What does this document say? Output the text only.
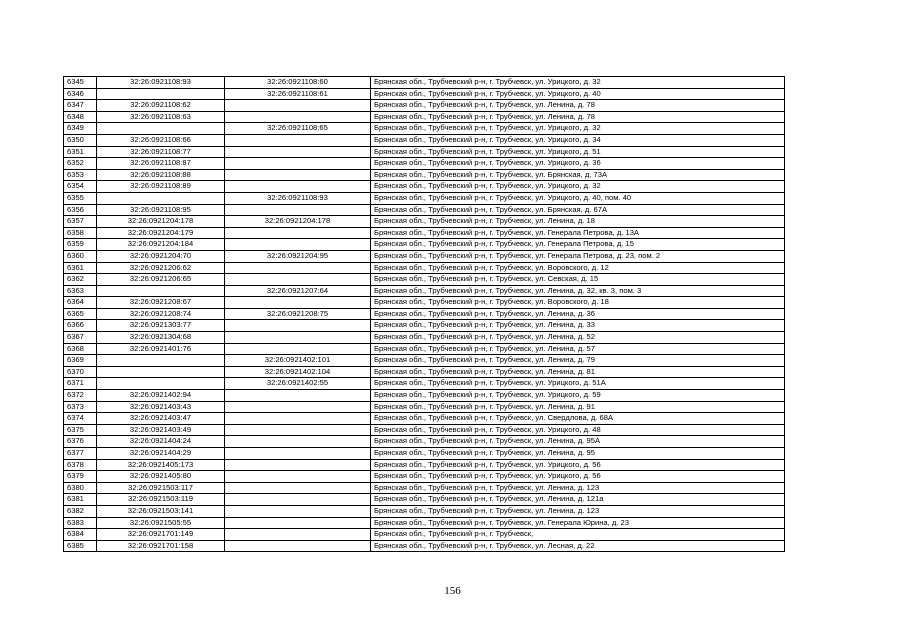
6345	32:26:0921108:93	32:26:0921108:60	Брянская обл., Трубчевский р-н, г. Трубчевск, ул. Урицкого, д. 32
6346		32:26:0921108:61	Брянская обл., Трубчевский р-н, г. Трубчевск, ул. Урицкого, д. 40
6347	32:26:0921108:62		Брянская обл., Трубчевский р-н, г. Трубчевск, ул. Ленина, д. 78
6348	32:26:0921108:63		Брянская обл., Трубчевский р-н, г. Трубчевск, ул. Ленина, д. 78
6349		32:26:0921108:65	Брянская обл., Трубчевский р-н, г. Трубчевск, ул. Урицкого, д. 32
6350	32:26:0921108:66		Брянская обл., Трубчевский р-н, г. Трубчевск, ул. Урицкого, д. 34
6351	32:26:0921108:77		Брянская обл., Трубчевский р-н, г. Трубчевск, ул. Урицкого, д. 51
6352	32:26:0921108:87		Брянская обл., Трубчевский р-н, г. Трубчевск, ул. Урицкого, д. 36
6353	32:26:0921108:88		Брянская обл., Трубчевский р-н, г. Трубчевск, ул. Брянская, д. 73А
6354	32:26:0921108:89		Брянская обл., Трубчевский р-н, г. Трубчевск, ул. Урицкого, д. 32
6355		32:26:0921108:93	Брянская обл., Трубчевский р-н, г. Трубчевск, ул. Урицкого, д. 40, пом. 40
6356	32:26:0921108:95		Брянская обл., Трубчевский р-н, г. Трубчевск, ул. Брянская, д. 67А
6357	32:26:0921204:178	32:26:0921204:178	Брянская обл., Трубчевский р-н, г. Трубчевск, ул. Ленина, д. 18
6358	32:26:0921204:179		Брянская обл., Трубчевский р-н, г. Трубчевск, ул. Генерала Петрова, д. 13А
6359	32:26:0921204:184		Брянская обл., Трубчевский р-н, г. Трубчевск, ул. Генерала Петрова, д. 15
6360	32:26:0921204:70	32:26:0921204:95	Брянская обл., Трубчевский р-н, г. Трубчевск, ул. Генерала Петрова, д. 23, пом. 2
6361	32:26:0921206:62		Брянская обл., Трубчевский р-н, г. Трубчевск, ул. Воровского, д. 12
6362	32:26:0921206:65		Брянская обл., Трубчевский р-н, г. Трубчевск, ул. Севская, д. 15
6363		32:26:0921207:64	Брянская обл., Трубчевский р-н, г. Трубчевск, ул. Ленина, д. 32, кв. 3, пом. 3
6364	32:26:0921208:67		Брянская обл., Трубчевский р-н, г. Трубчевск, ул. Воровского, д. 18
6365	32:26:0921208:74	32:26:0921208:75	Брянская обл., Трубчевский р-н, г. Трубчевск, ул. Ленина, д. 36
6366	32:26:0921303:77		Брянская обл., Трубчевский р-н, г. Трубчевск, ул. Ленина, д. 33
6367	32:26:0921304:68		Брянская обл., Трубчевский р-н, г. Трубчевск, ул. Ленина, д. 52
6368	32:26:0921401:76		Брянская обл., Трубчевский р-н, г. Трубчевск, ул. Ленина, д. 57
6369		32:26:0921402:101	Брянская обл., Трубчевский р-н, г. Трубчевск, ул. Ленина, д. 79
6370		32:26:0921402:104	Брянская обл., Трубчевский р-н, г. Трубчевск, ул. Ленина, д. 81
6371		32:26:0921402:55	Брянская обл., Трубчевский р-н, г. Трубчевск, ул. Урицкого, д. 51А
6372	32:26:0921402:94		Брянская обл., Трубчевский р-н, г. Трубчевск, ул. Урицкого, д. 59
6373	32:26:0921403:43		Брянская обл., Трубчевский р-н, г. Трубчевск, ул. Ленина, д. 91
6374	32:26:0921403:47		Брянская обл., Трубчевский р-н, г. Трубчевск, ул. Свердлова, д. 68А
6375	32:26:0921403:49		Брянская обл., Трубчевский р-н, г. Трубчевск, ул. Урицкого, д. 48
6376	32:26:0921404:24		Брянская обл., Трубчевский р-н, г. Трубчевск, ул. Ленина, д. 95А
6377	32:26:0921404:29		Брянская обл., Трубчевский р-н, г. Трубчевск, ул. Ленина, д. 95
6378	32:26:0921405:173		Брянская обл., Трубчевский р-н, г. Трубчевск, ул. Урицкого, д. 56
6379	32:26:0921405:80		Брянская обл., Трубчевский р-н, г. Трубчевск, ул. Урицкого, д. 56
6380	32:26:0921503:117		Брянская обл., Трубчевский р-н, г. Трубчевск, ул. Ленина, д. 123
6381	32:26:0921503:119		Брянская обл., Трубчевский р-н, г. Трубчевск, ул. Ленина, д. 121а
6382	32:26:0921503:141		Брянская обл., Трубчевский р-н, г. Трубчевск, ул. Ленина, д. 123
6383	32:26:0921505:55		Брянская обл., Трубчевский р-н, г. Трубчевск, ул. Генерала Юрина, д. 23
6384	32:26:0921701:149		Брянская обл., Трубчевский р-н, г. Трубчевск,
6385	32:26:0921701:158		Брянская обл., Трубчевский р-н, г. Трубчевск, ул. Лесная, д. 22
156
